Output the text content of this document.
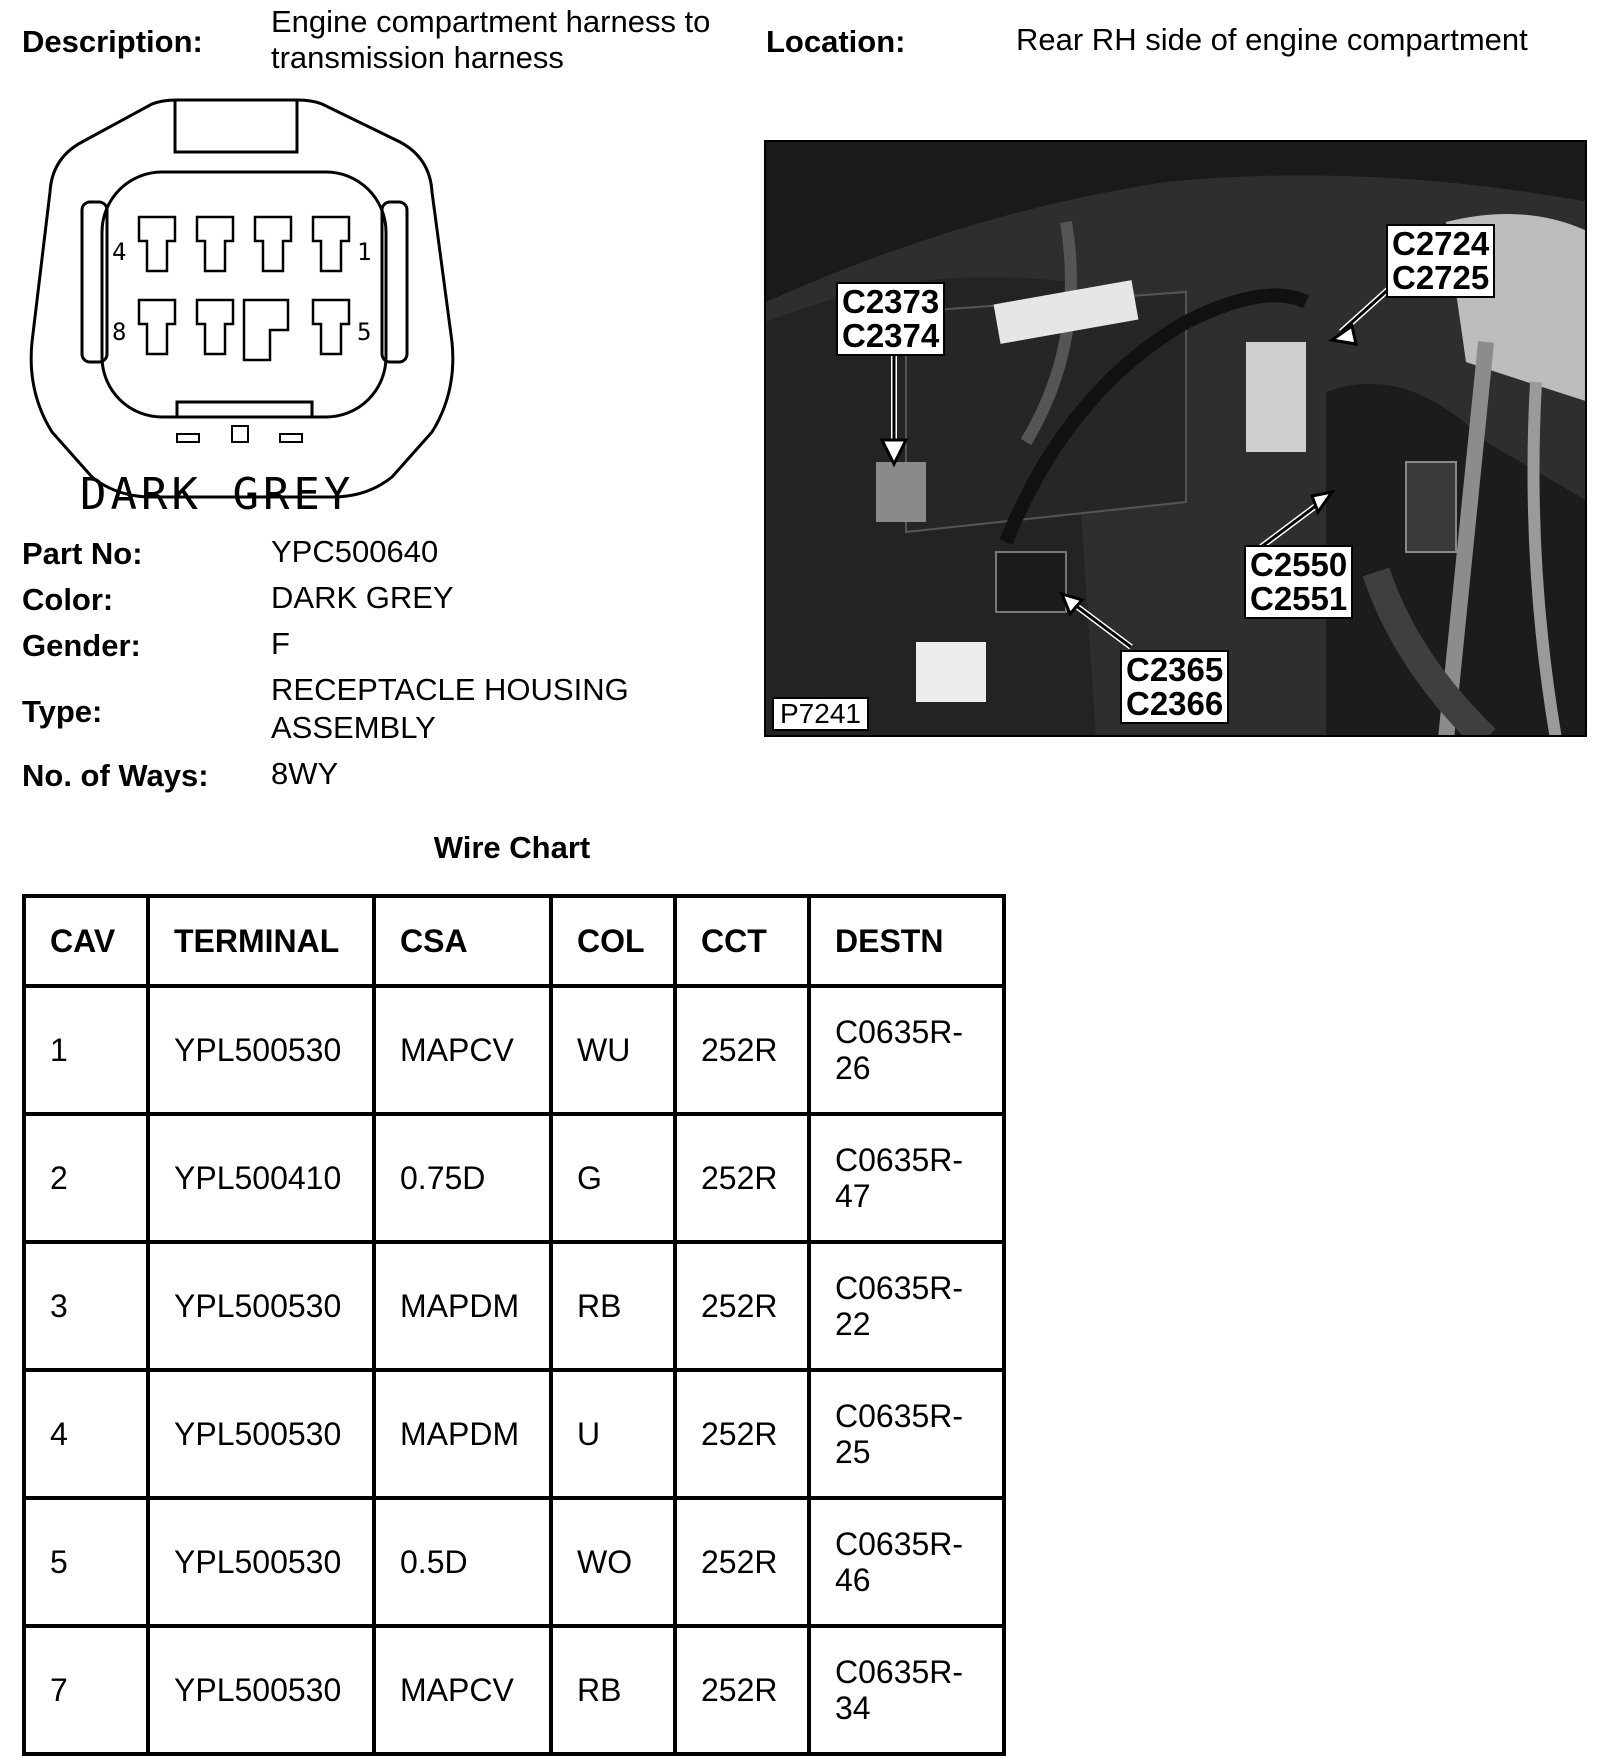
Description:
Engine compartment harness to
transmission harness	Location:	Rear RH side of engine compartment
4	1
8	5
DARK GREY
Part No:	YPC500640
Color:	DARK GREY
Gender:	F
Type:
RECEPTACLE HOUSING
ASSEMBLY
No. of Ways: 8WY
C2373
C2374
C2724
C2725
C2550
C2551
C2365
C2366
P7241
Wire Chart
CAV	TERMINAL	CSA	COL	CCT	DESTN
1	YPL500530	MAPCV	WU	252R	C0635R-
26

2	YPL500410	0.75D	G	252R	C0635R-
47

3	YPL500530	MAPDM	RB	252R	C0635R-
22

4	YPL500530	MAPDM	U	252R	C0635R-
25

5	YPL500530	0.5D	WO	252R	C0635R-
46

7	YPL500530	MAPCV	RB	252R	C0635R-
34
